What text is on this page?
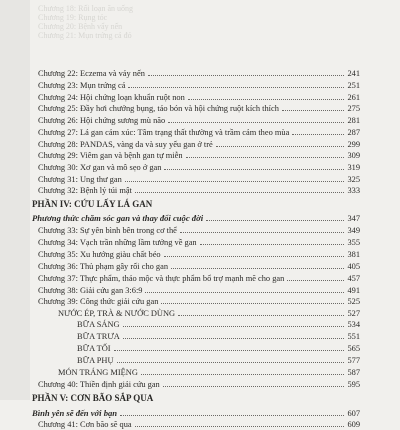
Chương 18: Rối loạn ăn uống
Chương 19: Rụng tóc
Chương 20: Bệnh vẩy nến
Chương 21: Mụn trứng cá đỏ
Chương 22: Eczema và vảy nến	241
Chương 23: Mụn trứng cá	251
Chương 24: Hội chứng loạn khuẩn ruột non	261
Chương 25: Đầy hơi chướng bụng, táo bón và hội chứng ruột kích thích	275
Chương 26: Hội chứng sương mù não	281
Chương 27: Lá gan cảm xúc: Tâm trạng thất thường và trầm cảm theo mùa	287
Chương 28: PANDAS, vàng da và suy yếu gan ở trẻ	299
Chương 29: Viêm gan và bệnh gan tự miễn	309
Chương 30: Xơ gan và mô sẹo ở gan	319
Chương 31: Ung thư gan	325
Chương 32: Bệnh lý túi mật	333
PHẦN IV: CỨU LẤY LÁ GAN
Phương thức chăm sóc gan và thay đổi cuộc đời	347
Chương 33: Sự yên bình bên trong cơ thể	349
Chương 34: Vạch trần những lầm tưởng về gan	355
Chương 35: Xu hướng giàu chất béo	381
Chương 36: Thủ phạm gây rối cho gan	405
Chương 37: Thực phẩm, thảo mộc và thực phẩm bổ trợ mạnh mẽ cho gan	457
Chương 38: Giải cứu gan 3:6:9	491
Chương 39: Công thức giải cứu gan	525
NƯỚC ÉP, TRÀ & NƯỚC DÙNG	527
BỮA SÁNG	534
BỮA TRƯA	551
BỮA TỐI	565
BỮA PHỤ	577
MÓN TRÁNG MIỆNG	587
Chương 40: Thiền định giải cứu gan	595
PHẦN V: CƠN BÃO SẮP QUA
Bình yên sẽ đến với bạn	607
Chương 41: Cơn bão sẽ qua	609
